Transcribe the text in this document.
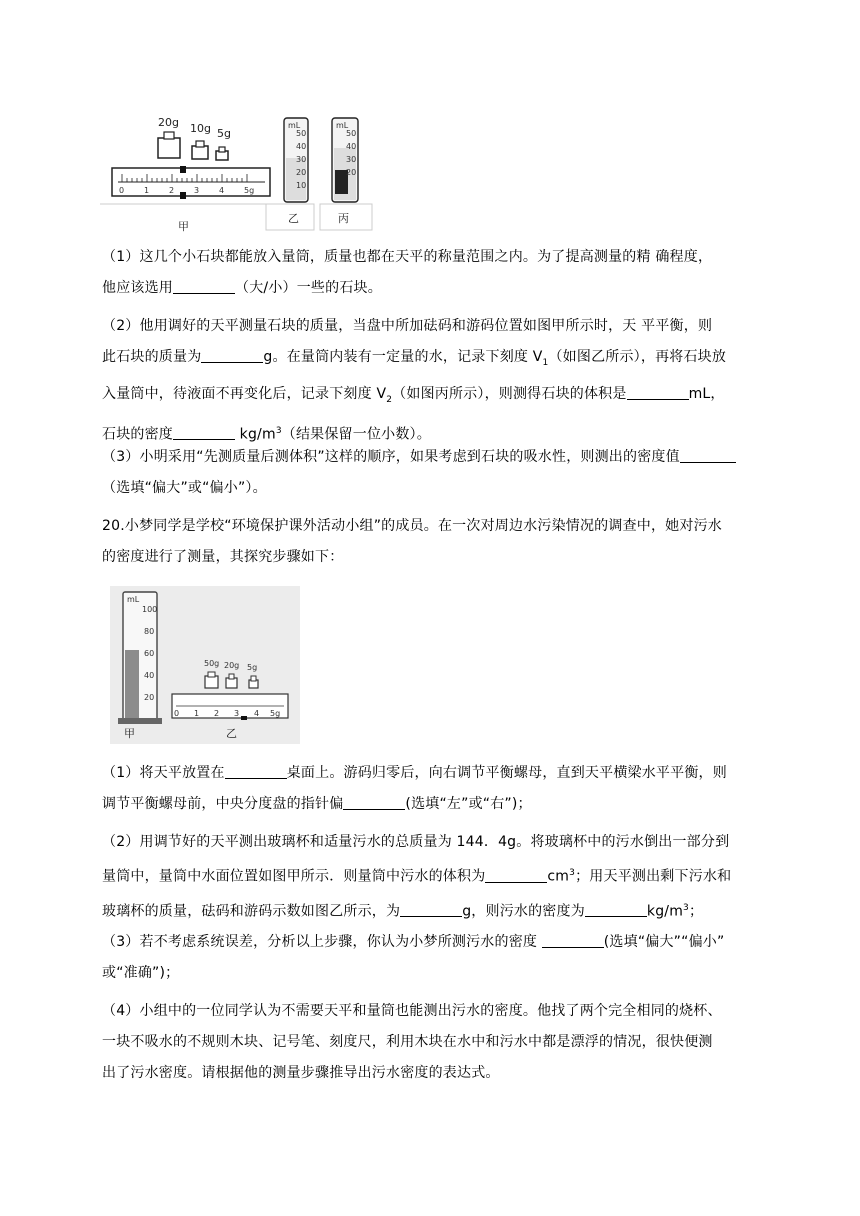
20g 10g 5g
0 1 2 3 4 5g
甲
mL
50
40
30
20
10
乙
mL
50
40
30
20
丙

（1）这几个小石块都能放入量筒，质量也都在天平的称量范围之内。为了提高测量的精 确程度，
他应该选用	（大/小）一些的石块。

（2）他用调好的天平测量石块的质量，当盘中所加砝码和游码位置如图甲所示时，天 平平衡，则
此石块的质量为	g。在量筒内装有一定量的水，记录下刻度 $V_1$（如图乙所示），再将石块放
入量筒中，待液面不再变化后，记录下刻度 $V_2$（如图丙所示），则测得石块的体积是	mL，
石块的密度	$kg/m^3$（结果保留一位小数）。

（3）小明采用“先测质量后测体积”这样的顺序，如果考虑到石块的吸水性，则测出的密度值
（选填“偏大”或“偏小”）。

20.小梦同学是学校“环境保护课外活动小组”的成员。在一次对周边水污染情况的调查中，她对污水
的密度进行了测量，其探究步骤如下：

mL
100
80
60
40
20
甲
50g 20g 5g
0 1 2 3 4 5g
乙

（1）将天平放置在	桌面上。游码归零后，向右调节平衡螺母，直到天平横梁水平平衡，则
调节平衡螺母前，中央分度盘的指针偏	(选填“左”或“右”)；

（2）用调节好的天平测出玻璃杯和适量污水的总质量为 144．4g。将玻璃杯中的污水倒出一部分到
量筒中，量筒中水面位置如图甲所示．则量筒中污水的体积为	$cm^3$；用天平测出剩下污水和
玻璃杯的质量，砝码和游码示数如图乙所示，为	g，则污水的密度为	$kg/m^3$；

（3）若不考虑系统误差，分析以上步骤，你认为小梦所测污水的密度	(选填“偏大”“偏小”
或“准确”)；

（4）小组中的一位同学认为不需要天平和量筒也能测出污水的密度。他找了两个完全相同的烧杯、
一块不吸水的不规则木块、记号笔、刻度尺，利用木块在水中和污水中都是漂浮的情况，很快便测
出了污水密度。请根据他的测量步骤推导出污水密度的表达式。
